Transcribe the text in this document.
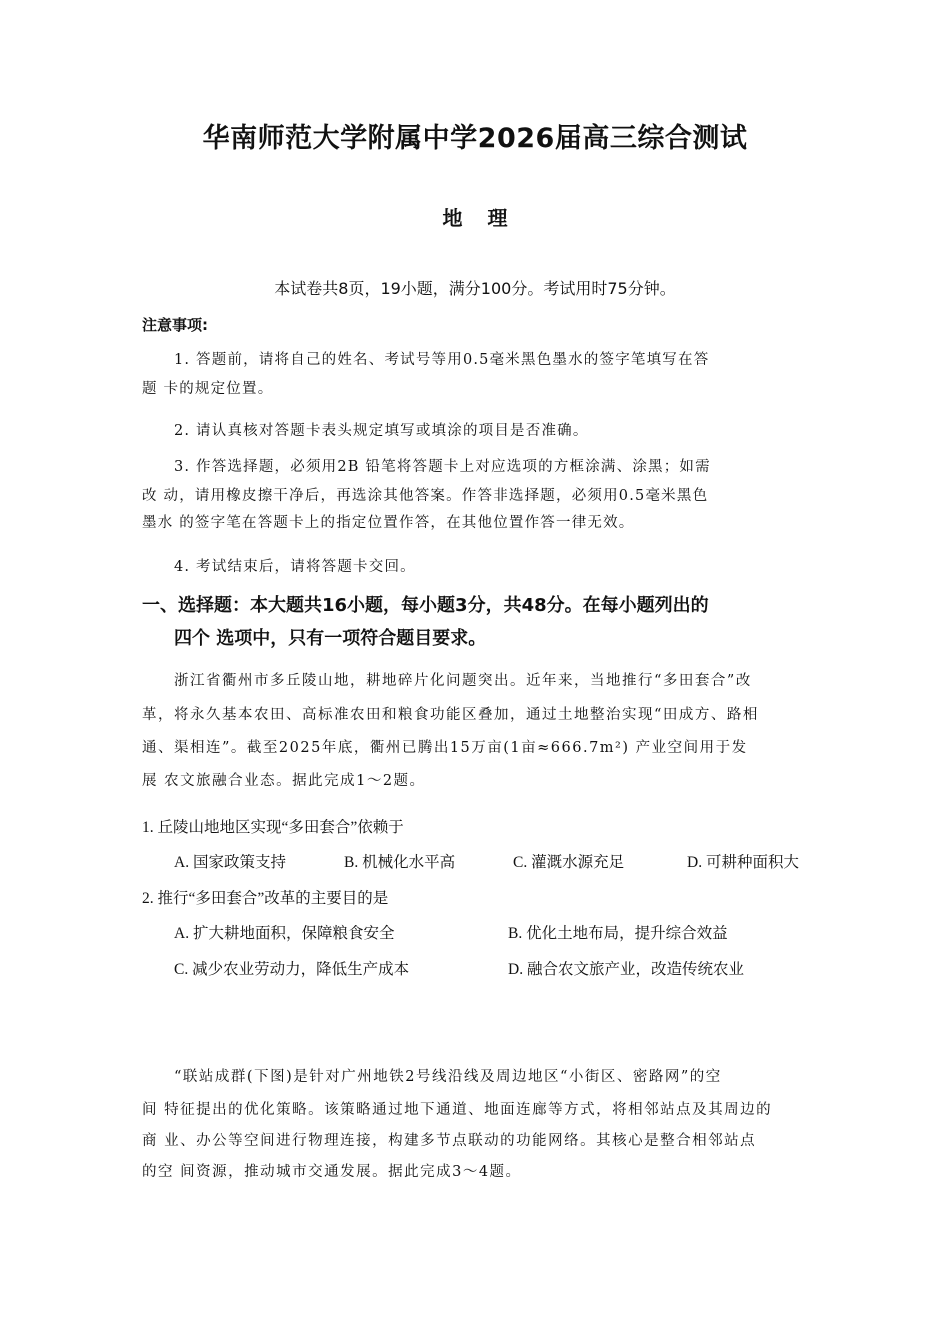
华南师范大学附属中学2026届高三综合测试
地 理
本试卷共8页，19小题，满分100分。考试用时75分钟。
注意事项:
1. 答题前，请将自己的姓名、考试号等用0.5毫米黑色墨水的签字笔填写在答
题 卡的规定位置。
2. 请认真核对答题卡表头规定填写或填涂的项目是否准确。
3. 作答选择题，必须用2B 铅笔将答题卡上对应选项的方框涂满、涂黑；如需
改 动，请用橡皮擦干净后，再选涂其他答案。作答非选择题，必须用0.5毫米黑色
墨水 的签字笔在答题卡上的指定位置作答，在其他位置作答一律无效。
4. 考试结束后，请将答题卡交回。
一、选择题：本大题共16小题，每小题3分，共48分。在每小题列出的
四个 选项中，只有一项符合题目要求。
浙江省衢州市多丘陵山地，耕地碎片化问题突出。近年来，当地推行“多田套合”改
革，将永久基本农田、高标准农田和粮食功能区叠加，通过土地整治实现“田成方、路相
通、渠相连”。截至2025年底，衢州已腾出15万亩(1亩≈666.7m²) 产业空间用于发
展 农文旅融合业态。据此完成1～2题。
1. 丘陵山地地区实现“多田套合”依赖于
A. 国家政策支持	B. 机械化水平高	C. 灌溉水源充足	D. 可耕种面积大
2. 推行“多田套合”改革的主要目的是
A. 扩大耕地面积，保障粮食安全	B. 优化土地布局，提升综合效益
C. 减少农业劳动力，降低生产成本	D. 融合农文旅产业，改造传统农业
“联站成群(下图)是针对广州地铁2号线沿线及周边地区“小街区、密路网”的空
间 特征提出的优化策略。该策略通过地下通道、地面连廊等方式，将相邻站点及其周边的
商 业、办公等空间进行物理连接，构建多节点联动的功能网络。其核心是整合相邻站点
的空 间资源，推动城市交通发展。据此完成3～4题。
